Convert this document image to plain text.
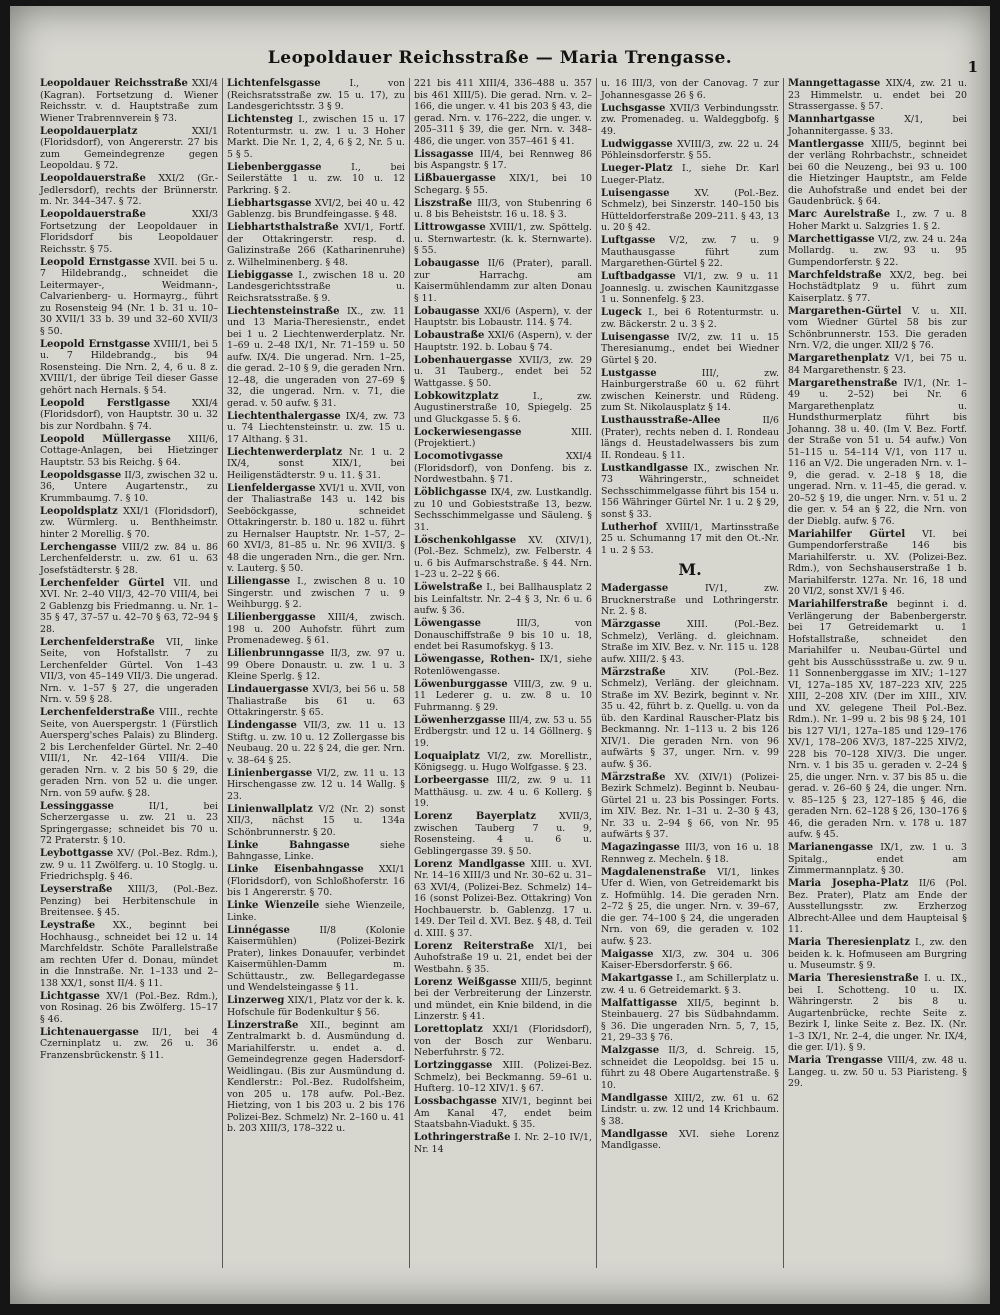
Leopoldauer Reichsstraße — Maria Trengasse.	1
Leopoldauer Reichsstraße XXI/4 (Kagran). Fortsetzung d. Wiener Reichsstr. v. d. Hauptstraße zum Wiener Trabrennverein § 73.
Leopoldauerplatz	XXI/1 (Floridsdorf), von Angererstr. 27 bis zum Gemeindegrenze gegen Leopoldau. § 72.
Leopoldauerstraße XXI/2 (Gr.-Jedlersdorf), rechts der Brünnerstr. m. Nr. 344–347. § 72.
Leopoldauerstraße	XXI/3 Fortsetzung der Leopoldauer in Floridsdorf bis Leopoldauer Reichsstr. § 75.
Leopold Ernstgasse XVII. bei 5 u. 7 Hildebrandg., schneidet die Leitermayer-, Weidmann-, Calvarienberg- u. Hormayrg., führt zu Rosensteig 94 (Nr. 1 b. 31 u. 10–30 XVII/1 33 b. 39 und 32–60 XVII/3 § 50.
Leopold Ernstgasse XVIII/1, bei 5 u. 7 Hildebrandg., bis 94 Rosensteing. Die Nrn. 2, 4, 6 u. 8 z. XVIII/1, der übrige Teil dieser Gasse gehört nach Hernals. § 54.
Leopold Ferstlgasse XXI/4 (Floridsdorf), von Hauptstr. 30 u. 32 bis zur Nordbahn. § 74.
Leopold Müllergasse XIII/6, Cottage-Anlagen, bei Hietzinger Hauptstr. 53 bis Reichg. § 64.
Leopoldsgasse II/3, zwischen 32 u. 36, Untere Augartenstr., zu Krummbaumg. 7. § 10.
Leopoldsplatz XXI/1 (Floridsdorf), zw. Würmlerg. u. Benthheimstr. hinter 2 Morellig. § 70.
Lerchengasse VIII/2 zw. 84 u. 86 Lerchenfelderstr. u. zw. 61 u. 63 Josefstädterstr. § 28.
Lerchenfelder Gürtel VII. und XVI. Nr. 2–40 VII/3, 42–70 VIII/4, bei 2 Gablenzg bis Friedmanng. u. Nr. 1–35 § 47, 37–57 u. 42–70 § 63, 72–94 § 28.
Lerchenfelderstraße VII, linke Seite, von Hofstallstr. 7 zu Lerchenfelder Gürtel. Von 1–43 VII/3, von 45–149 VII/3. Die ungerad. Nrn. v. 1–57 § 27, die ungeraden Nrn. v. 59 § 28.
Lerchenfelderstraße VIII., rechte Seite, von Auerspergstr. 1 (Fürstlich Auersperg'sches Palais) zu Blinderg. 2 bis Lerchenfelder Gürtel. Nr. 2–40 VIII/1, Nr. 42–164 VIII/4. Die geraden Nrn. v. 2 bis 50 § 29, die geraden Nrn. von 52 u. die unger. Nrn. von 59 aufw. § 28.
Lessinggasse	II/1, bei Scherzergasse u. zw. 21 u. 23 Springergasse; schneidet bis 70 u. 72 Praterstr. § 10.
Leybottgasse XV/ (Pol.-Bez. Rdm.), zw. 9 u. 11 Zwölferg. u. 10 Stoglg. u. Friedrichsplg. § 46.
Leyserstraße XIII/3, (Pol.-Bez. Penzing) bei Herbitenschule in Breitensee. § 45.
Leystraße XX., beginnt bei Hochhausg., schneidet bei 12 u. 14 Marchfeldstr. Schöte Parallelstraße am rechten Ufer d. Donau, mündet in die Innstraße. Nr. 1–133 und 2–138 XX/1, sonst II/4. § 11.
Lichtgasse XV/1 (Pol.-Bez. Rdm.), von Rosinag. 26 bis Zwölferg. 15–17 § 46.
Lichtenauergasse II/1, bei 4 Czerninplatz u. zw. 26 u. 36 Franzensbrückenstr. § 11.
Lichtenfelsgasse	I., von (Reichsratsstraße zw. 15 u. 17), zu Landesgerichtsstr. 3 § 9.
Lichtensteg I., zwischen 15 u. 17 Rotenturmstr. u. zw. 1 u. 3 Hoher Markt. Die Nr. 1, 2, 4, 6 § 2, Nr. 5 u. 5 § 5.
Liebenberggasse	I., bei Seilerstätte 1 u. zw. 10 u. 12 Parkring. § 2.
Liebhartsgasse XVI/2, bei 40 u. 42 Gablenzg. bis Brundfeingasse. § 48.
Liebhartsthalstraße XVI/1, Fortf. der Ottakringerstr. resp. d. Galizinstraße 266 (Katharinenruhe) z. Wilhelminenberg. § 48.
Liebiggasse I., zwischen 18 u. 20 Landesgerichtsstraße u. Reichsratsstraße. § 9.
Liechtensteinstraße IX., zw. 11 und 13 Maria-Theresienstr., endet bei 1 u. 2 Liechtenwerderplatz. Nr. 1–69 u. 2–48 IX/1, Nr. 71–159 u. 50 aufw. IX/4. Die ungerad. Nrn. 1–25, die gerad. 2–10 § 9, die geraden Nrn. 12–48, die ungeraden von 27–69 § 32, die ungerad. Nrn. v. 71, die gerad. v. 50 aufw. § 31.
Liechtenthalergasse IX/4, zw. 73 u. 74 Liechtensteinstr. u. zw. 15 u. 17 Althang. § 31.
Liechtenwerderplatz Nr. 1 u. 2 IX/4, sonst XIX/1, bei Heiligenstädterstr. 9 u. 11. § 31.
Lienfeldergasse XVI/1 u. XVII, von der Thaliastraße 143 u. 142 bis Seeböckgasse, schneidet Ottakringerstr. b. 180 u. 182 u. führt zu Hernalser Hauptstr. Nr. 1–57, 2–60 XVI/3, 81–85 u. Nr. 96 XVII/3. § 48 die ungeraden Nrn., die ger. Nrn. v. Lauterg. § 50.
Liliengasse I., zwischen 8 u. 10 Singerstr. und zwischen 7 u. 9 Weihburgg. § 2.
Lilienberggasse XIII/4, zwisch. 198 u. 200 Auhofstr. führt zum Promenadeweg. § 61.
Lilienbrunngasse II/3, zw. 97 u. 99 Obere Donaustr. u. zw. 1 u. 3 Kleine Sperlg. § 12.
Lindauergasse XVI/3, bei 56 u. 58 Thaliastraße bis 61 u. 63 Ottakringerstr. § 65.
Lindengasse VII/3, zw. 11 u. 13 Stiftg. u. zw. 10 u. 12 Zollergasse bis Neubaug. 20 u. 22 § 24, die ger. Nrn. v. 38–64 § 25.
Linienbergasse VI/2, zw. 11 u. 13 Hirschengasse zw. 12 u. 14 Wallg. § 23.
Linienwallplatz V/2 (Nr. 2) sonst XII/3, nächst 15 u. 134a Schönbrunnerstr. § 20.
Linke Bahngasse	siehe Bahngasse, Linke.
Linke Eisenbahngasse XXI/1 (Floridsdorf), von Schloßhoferstr. 16 bis 1 Angererstr. § 70.
Linke Wienzeile siehe Wienzeile, Linke.
Linnégasse	II/8 (Kolonie Kaisermühlen) (Polizei-Bezirk Prater), linkes Donauufer, verbindet Kaisermühlen-Damm m. Schüttaustr., zw. Bellegardegasse und Wendelsteingasse § 11.
Linzerweg XIX/1, Platz vor der k. k. Hofschule für Bodenkultur § 56.
Linzerstraße XII., beginnt am Zentralmarkt b. d. Ausmündung d. Mariahilferstr. u. endet a. d. Gemeindegrenze gegen Hadersdorf-Weidlingau. (Bis zur Ausmündung d. Kendlerstr.: Pol.-Bez. Rudolfsheim, von 205 u. 178 aufw. Pol.-Bez. Hietzing, von 1 bis 203 u. 2 bis 176 Polizei-Bez. Schmelz) Nr. 2–160 u. 41 b. 203 XIII/3, 178–322 u.
221 bis 411 XIII/4, 336–488 u. 357 bis 461 XIII/5). Die gerad. Nrn. v. 2–166, die unger. v. 41 bis 203 § 43, die gerad. Nrn. v. 176–222, die unger. v. 205–311 § 39, die ger. Nrn. v. 348–486, die unger. von 357–461 § 41.
Lissagasse III/4, bei Rennweg 86 bis Aspangstr. § 17.
Lißbauergasse XIX/1, bei 10 Schegarg. § 55.
Liszstraße III/3, von Stubenring 6 u. 8 bis Beheiststr. 16 u. 18. § 3.
Littrowgasse XVIII/1, zw. Spöttelg. u. Sternwartestr. (k. k. Sternwarte). § 55.
Lobaugasse II/6 (Prater), parall. zur Harrachg. am Kaisermühlendamm zur alten Donau § 11.
Lobaugasse XXI/6 (Aspern), v. der Hauptstr. bis Lobaustr. 114. § 74.
Lobaustraße XXI/6 (Aspern), v. der Hauptstr. 192. b. Lobau § 74.
Lobenhauergasse XVII/3, zw. 29 u. 31 Tauberg., endet bei 52 Wattgasse. § 50.
Lobkowitzplatz	I., zw. Augustinerstraße 10, Spiegelg. 25 und Gluckgasse 5. § 6.
Lockerwiesengasse	XIII. (Projektiert.)
Locomotivgasse	XXI/4 (Floridsdorf), von Donfeng. bis z. Nordwestbahn. § 71.
Löblichgasse IX/4, zw. Lustkandlg. zu 10 und Gobieststraße 13, bezw. Sechsschimmelgasse und Säuleng. § 31.
Löschenkohlgasse XV. (XIV/1), (Pol.-Bez. Schmelz), zw. Felberstr. 4 u. 6 bis Aufmarschstraße. § 44. Nrn. 1–23 u. 2–22 § 66.
Löwelstraße I., bei Ballhausplatz 2 bis Leinfaltstr. Nr. 2–4 § 3, Nr. 6 u. 6 aufw. § 36.
Löwengasse	III/3, von Donauschiffstraße 9 bis 10 u. 18, endet bei Rasumofskyg. § 13.
Löwengasse, Rothen- IX/1, siehe Rotenlöwengasse.
Löwenburggasse VIII/3, zw. 9 u. 11 Lederer g. u. zw. 8 u. 10 Fuhrmanng. § 29.
Löwenherzgasse III/4, zw. 53 u. 55 Erdbergstr. und 12 u. 14 Göllnerg. § 19.
Loquaiplatz VI/2, zw. Morellistr., Königsegg. u. Hugo Wolfgasse. § 23.
Lorbeergasse III/2, zw. 9 u. 11 Matthäusg. u. zw. 4 u. 6 Kollerg. § 19.
Lorenz Bayerplatz XVII/3, zwischen Tauberg 7 u. 9, Rosensteing. 4 u. 6 u. Geblingergasse 39. § 50.
Lorenz Mandlgasse XIII. u. XVI. Nr. 14–16 XIII/3 und Nr. 30–62 u. 31–63 XVI/4, (Polizei-Bez. Schmelz) 14–16 (sonst Polizei-Bez. Ottakring) Von Hochbauerstr. b. Gablenzg. 17 u. 149. Der Teil d. XVI. Bez. § 48, d. Teil d. XIII. § 37.
Lorenz Reiterstraße XI/1, bei Auhofstraße 19 u. 21, endet bei der Westbahn. § 35.
Lorenz Weißgasse XIII/5, beginnt bei der Verbreiterung der Linzerstr. und mündet, ein Knie bildend, in die Linzerstr. § 41.
Lorettoplatz XXI/1 (Floridsdorf), von der Bosch zur Wenbaru. Neberfuhrstr. § 72.
Lortzinggasse XIII. (Polizei-Bez. Schmelz), bei Beckmanng. 59–61 u. Hufterg. 10–12 XIV/1. § 67.
Lossbachgasse XIV/1, beginnt bei Am Kanal 47, endet beim Staatsbahn-Viadukt. § 35.
Lothringerstraße I. Nr. 2–10 IV/1, Nr. 14
u. 16 III/3, von der Canovag. 7 zur Johannesgasse 26 § 6.
Luchsgasse XVII/3 Verbindungsstr. zw. Promenadeg. u. Waldeggbofg. § 49.
Ludwiggasse XVIII/3, zw. 22 u. 24 Pöhleinsdorferstr. § 55.
Lueger-Platz I., siehe Dr. Karl Lueger-Platz.
Luisengasse	XV. (Pol.-Bez. Schmelz), bei Sinzerstr. 140–150 bis Hütteldorferstraße 209–211. § 43, 13 u. 20 § 42.
Luftgasse V/2, zw. 7 u. 9 Mauthausgasse führt zum Margarethen-Gürtel § 22.
Luftbadgasse VI/1, zw. 9 u. 11 Joanneslg. u. zwischen Kaunitzgasse 1 u. Sonnenfelg. § 23.
Lugeck I., bei 6 Rotenturmstr. u. zw. Bäckerstr. 2 u. 3 § 2.
Luisengasse IV/2, zw. 11 u. 15 Theresianumg., endet bei Wiedner Gürtel § 20.
Lustgasse	III/, zw. Hainburgerstraße 60 u. 62 führt zwischen Keinerstr. und Rüdeng. zum St. Nikolausplatz § 14.
Lusthausstraße-Allee	II/6 (Prater), rechts neben d. I. Rondeau längs d. Heustadelwassers bis zum II. Rondeau. § 11.
Lustkandlgasse IX., zwischen Nr. 73 Währingerstr., schneidet Sechsschimmelgasse führt bis 154 u. 156 Währinger Gürtel Nr. 1 u. 2 § 29, sonst § 33.
Lutherhof XVIII/1, Martinsstraße 25 u. Schumanng 17 mit den Ot.-Nr. 1 u. 2 § 53.
M.
Madergasse	IV/1, zw. Brucknerstraße und Lothringerstr. Nr. 2. § 8.
Märzgasse	XIII. (Pol.-Bez. Schmelz), Verläng. d. gleichnam. Straße im XIV. Bez. v. Nr. 115 u. 128 aufw. XIII/2. § 43.
Märzstraße	XIV. (Pol.-Bez. Schmelz), Verläng. der gleichnam. Straße im XV. Bezirk, beginnt v. Nr. 35 u. 42, führt b. z. Quellg. u. von da üb. den Kardinal Rauscher-Platz bis Beckmanng. Nr. 1–113 u. 2 bis 126 XIV/1. Die geraden Nrn. von 96 aufwärts § 37, unger. Nrn. v. 99 aufw. § 36.
Märzstraße XV. (XIV/1) (Polizei-Bezirk Schmelz). Beginnt b. Neubau-Gürtel 21 u. 23 bis Possinger. Forts. im XIV. Bez. Nr. 1–31 u. 2–30 § 43, Nr. 33 u. 2–94 § 66, von Nr. 95 aufwärts § 37.
Magazingasse III/3, von 16 u. 18 Rennweg z. Mecheln. § 18.
Magdalenenstraße VI/1, linkes Ufer d. Wien, von Getreidemarkt bis z. Hofmühlg. 14. Die geraden Nrn. 2–72 § 25, die unger. Nrn. v. 39–67, die ger. 74–100 § 24, die ungeraden Nrn. von 69, die geraden v. 102 aufw. § 23.
Maigasse XI/3, zw. 304 u. 306 Kaiser-Ebersdorferstr. § 66.
Makartgasse I., am Schillerplatz u. zw. 4 u. 6 Getreidemarkt. § 3.
Malfattigasse XII/5, beginnt b. Steinbauerg. 27 bis Südbahndamm. § 36. Die ungeraden Nrn. 5, 7, 15, 21, 29–33 § 76.
Malzgasse II/3, d. Schreig. 15, schneidet die Leopoldsg. bei 15 u. führt zu 48 Obere Augartenstraße. § 10.
Mandlgasse XIII/2, zw. 61 u. 62 Lindstr. u. zw. 12 und 14 Krichbaum. § 38.
Mandlgasse XVI. siehe Lorenz Mandlgasse.
Manngettagasse XIX/4, zw. 21 u. 23 Himmelstr. u. endet bei 20 Strassergasse. § 57.
Mannhartgasse	X/1, bei Johannitergasse. § 33.
Mantlergasse XIII/5, beginnt bei der verläng Rohrbachstr., schneidet bei 60 die Neuzeng., bei 93 u. 100 die Hietzinger Hauptstr., am Felde die Auhofstraße und endet bei der Gaudenbrück. § 64.
Marc Aurelstraße I., zw. 7 u. 8 Hoher Markt u. Salzgries 1. § 2.
Marchettigasse VI/2, zw. 24 u. 24a Mollardg. u. zw. 93 u. 95 Gumpendorferstr. § 22.
Marchfeldstraße XX/2, beg. bei Hochstädtplatz 9 u. führt zum Kaiserplatz. § 77.
Margarethen-Gürtel V. u. XII. vom Wiedner Gürtel 58 bis zur Schönbrunnerstr. 153. Die geraden Nrn. V/2, die unger. XII/2 § 76.
Margarethenplatz V/1, bei 75 u. 84 Margarethenstr. § 23.
Margarethenstraße IV/1, (Nr. 1–49 u. 2–52) bei Nr. 6 Margarethenplatz u. Hundsthurmerplatz führt bis Johanng. 38 u. 40. (Im V. Bez. Fortf. der Straße von 51 u. 54 aufw.) Von 51–115 u. 54–114 V/1, von 117 u. 116 an V/2. Die ungeraden Nrn. v. 1–9, die gerad. v. 2–18 § 18, die ungerad. Nrn. v. 11–45, die gerad. v. 20–52 § 19, die unger. Nrn. v. 51 u. 2 die ger. v. 54 an § 22, die Nrn. von der Dieblg. aufw. § 76.
Mariahilfer Gürtel VI. bei Gumpendorferstraße 146 bis Mariahilferstr. u. XV. (Polizei-Bez. Rdm.), von Sechshauserstraße 1 b. Mariahilferstr. 127a. Nr. 16, 18 und 20 VI/2, sonst XV/1 § 46.
Mariahilferstraße beginnt i. d. Verlängerung der Babenbergerstr. bei 17 Getreidemarkt u. 1 Hofstallstraße, schneidet den Mariahilfer u. Neubau-Gürtel und geht bis Ausschüssstraße u. zw. 9 u. 11 Sonnenberggasse im XIV.; 1–127 VI, 127a–185 XV, 187–223 XIV, 225 XIII, 2–208 XIV. (Der im XIII., XIV. und XV. gelegene Theil Pol.-Bez. Rdm.). Nr. 1–99 u. 2 bis 98 § 24, 101 bis 127 VI/1, 127a–185 und 129–176 XV/1, 178–206 XV/3, 187–225 XIV/2, 228 bis 70–128 XIV/3. Die unger. Nrn. v. 1 bis 35 u. geraden v. 2–24 § 25, die unger. Nrn. v. 37 bis 85 u. die gerad. v. 26–60 § 24, die unger. Nrn. v. 85–125 § 23, 127–185 § 46, die geraden Nrn. 62–128 § 26, 130–176 § 46, die geraden Nrn. v. 178 u. 187 aufw. § 45.
Marianengasse IX/1, zw. 1 u. 3 Spitalg., endet am Zimmermannplatz. § 30.
Maria Josepha-Platz II/6 (Pol. Bez. Prater), Platz am Ende der Ausstellungsstr. zw. Erzherzog Albrecht-Allee und dem Haupteisal § 11.
Maria Theresienplatz I., zw. den beiden k. k. Hofmuseen am Burgring u. Museumstr. § 9.
Maria Theresienstraße I. u. IX., bei I. Schotteng. 10 u. IX. Währingerstr. 2 bis 8 u. Augartenbrücke, rechte Seite z. Bezirk I, linke Seite z. Bez. IX. (Nr. 1–3 IX/1, Nr. 2–4, die unger. Nr. IX/4, die ger. I/1). § 9.
Maria Trengasse VIII/4, zw. 48 u. Langeg. u. zw. 50 u. 53 Piaristeng. § 29.
